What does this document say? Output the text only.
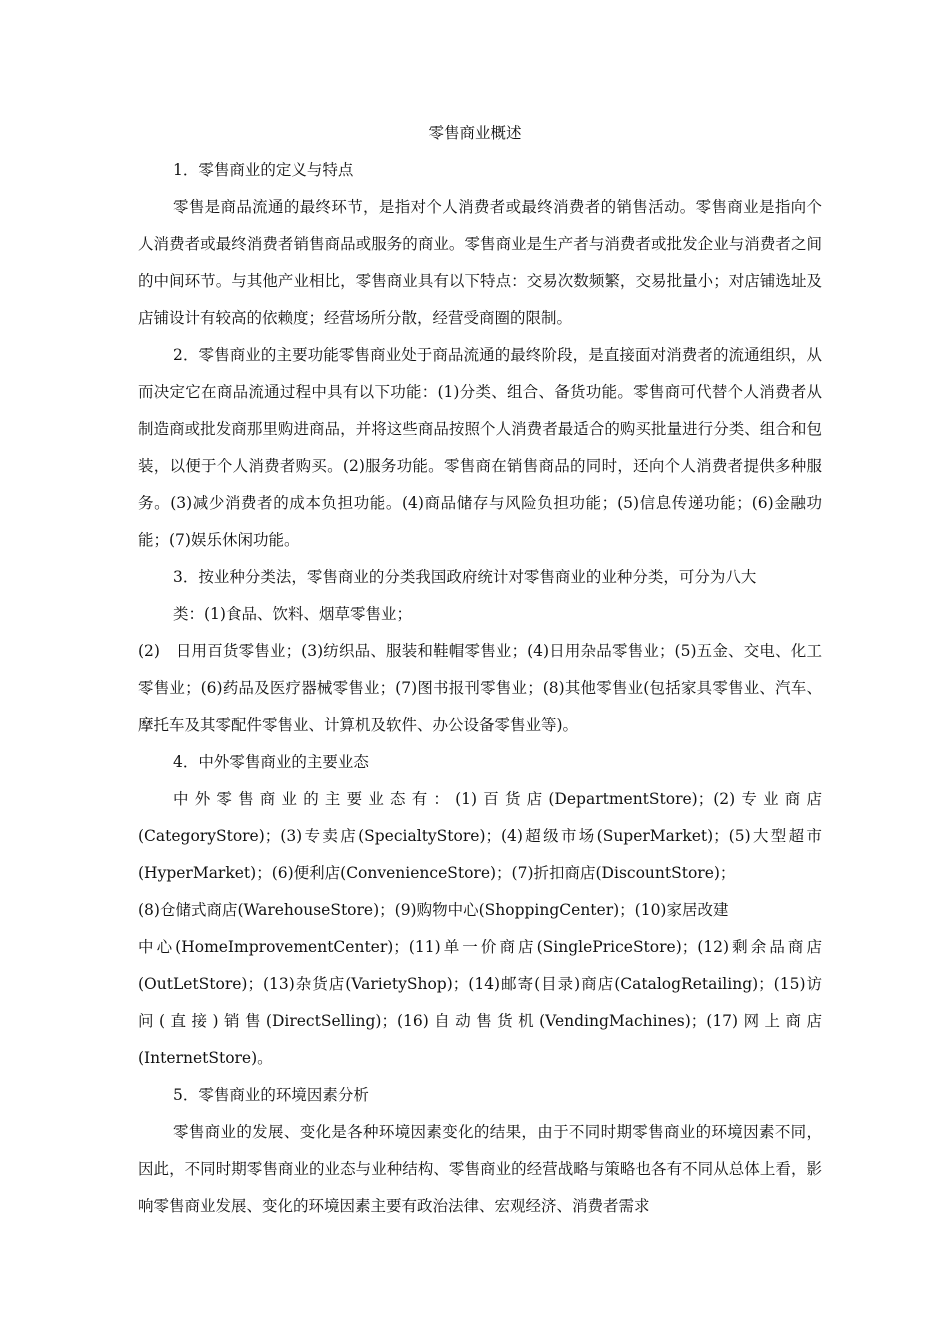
零售商业概述

1．零售商业的定义与特点

零售是商品流通的最终环节，是指对个人消费者或最终消费者的销售活动。零售商业是指向个人消费者或最终消费者销售商品或服务的商业。零售商业是生产者与消费者或批发企业与消费者之间的中间环节。与其他产业相比，零售商业具有以下特点：交易次数频繁，交易批量小；对店铺选址及店铺设计有较高的依赖度；经营场所分散，经营受商圈的限制。

2．零售商业的主要功能零售商业处于商品流通的最终阶段，是直接面对消费者的流通组织，从而决定它在商品流通过程中具有以下功能：(1)分类、组合、备货功能。零售商可代替个人消费者从制造商或批发商那里购进商品，并将这些商品按照个人消费者最适合的购买批量进行分类、组合和包装，以便于个人消费者购买。(2)服务功能。零售商在销售商品的同时，还向个人消费者提供多种服务。(3)减少消费者的成本负担功能。(4)商品储存与风险负担功能；(5)信息传递功能；(6)金融功能；(7)娱乐休闲功能。

3．按业种分类法，零售商业的分类我国政府统计对零售商业的业种分类，可分为八大

类：(1)食品、饮料、烟草零售业；

(2)　日用百货零售业；(3)纺织品、服装和鞋帽零售业；(4)日用杂品零售业；(5)五金、交电、化工零售业；(6)药品及医疗器械零售业；(7)图书报刊零售业；(8)其他零售业(包括家具零售业、汽车、摩托车及其零配件零售业、计算机及软件、办公设备零售业等)。

4．中外零售商业的主要业态

中外零售商业的主要业态有：(1)百货店(DepartmentStore)；(2)专业商店(CategoryStore)；(3)专卖店(SpecialtyStore)；(4)超级市场(SuperMarket)；(5)大型超市(HyperMarket)；(6)便利店(ConvenienceStore)；(7)折扣商店(DiscountStore)；

(8)仓储式商店(WarehouseStore)；(9)购物中心(ShoppingCenter)；(10)家居改建

中心(HomeImprovementCenter)；(11)单一价商店(SinglePriceStore)；(12)剩余品商店(OutLetStore)；(13)杂货店(VarietyShop)；(14)邮寄(目录)商店(CatalogRetailing)；(15)访问(直接)销售(DirectSelling)；(16)自动售货机(VendingMachines)；(17)网上商店(InternetStore)。

5．零售商业的环境因素分析

零售商业的发展、变化是各种环境因素变化的结果，由于不同时期零售商业的环境因素不同，因此，不同时期零售商业的业态与业种结构、零售商业的经营战略与策略也各有不同从总体上看，影响零售商业发展、变化的环境因素主要有政治法律、宏观经济、消费者需求
